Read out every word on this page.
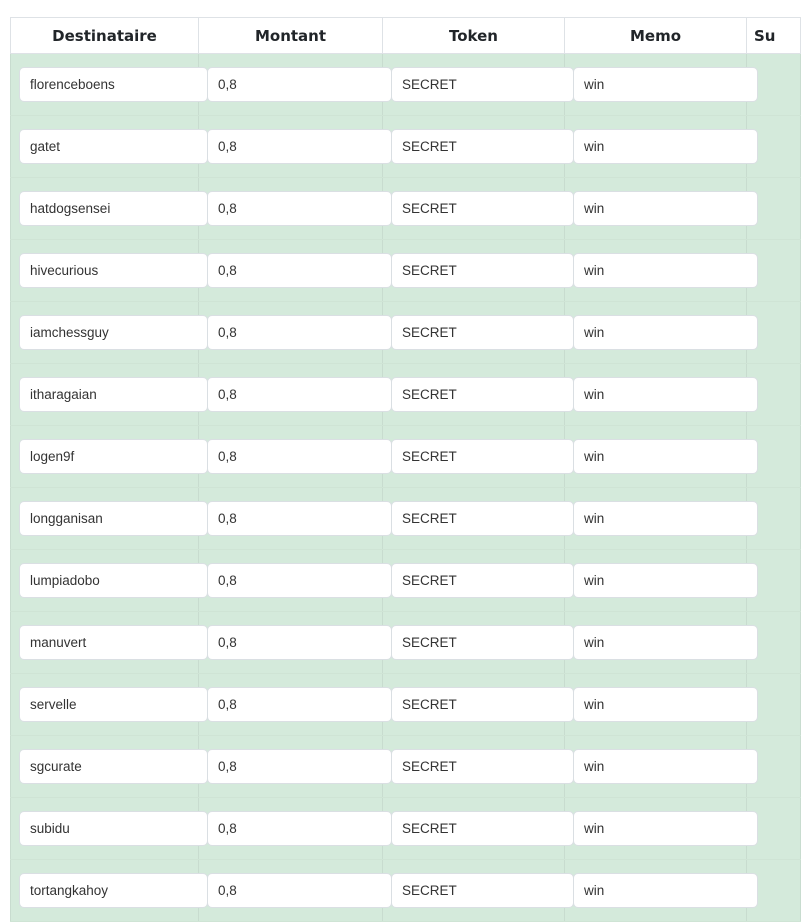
Destinataire	Montant	Token	Memo	Su

florenceboens	0,8	SECRET	win	

gatet	0,8	SECRET	win	

hatdogsensei	0,8	SECRET	win	

hivecurious	0,8	SECRET	win	

iamchessguy	0,8	SECRET	win	

itharagaian	0,8	SECRET	win	

logen9f	0,8	SECRET	win	

longganisan	0,8	SECRET	win	

lumpiadobo	0,8	SECRET	win	

manuvert	0,8	SECRET	win	

servelle	0,8	SECRET	win	

sgcurate	0,8	SECRET	win	

subidu	0,8	SECRET	win	

tortangkahoy	0,8	SECRET	win	
